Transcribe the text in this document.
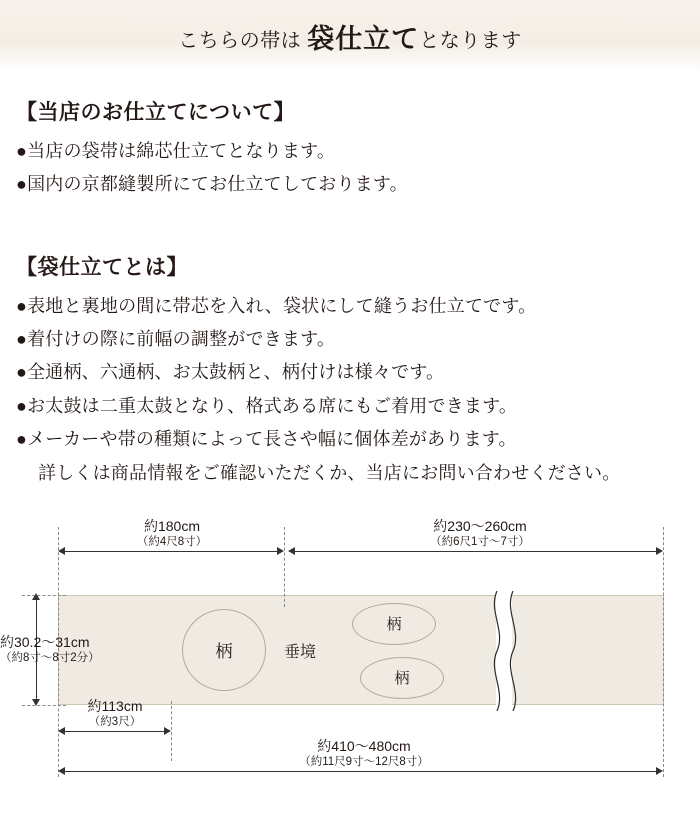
こちらの帯は 袋仕立てとなります
【当店のお仕立てについて】
●当店の袋帯は綿芯仕立てとなります。
●国内の京都縫製所にてお仕立てしております。
【袋仕立てとは】
●表地と裏地の間に帯芯を入れ、袋状にして縫うお仕立てです。
●着付けの際に前幅の調整ができます。
●全通柄、六通柄、お太鼓柄と、柄付けは様々です。
●お太鼓は二重太鼓となり、格式ある席にもご着用できます。
●メーカーや帯の種類によって長さや幅に個体差があります。
詳しくは商品情報をご確認いただくか、当店にお問い合わせください。
約180cm
（約4尺8寸）
約230〜260cm
（約6尺1寸〜7寸）
約30.2〜31cm
（約8寸〜8寸2分）	柄
柄
柄
垂境
約113cm
（約3尺）
約410〜480cm
（約11尺9寸〜12尺8寸）
